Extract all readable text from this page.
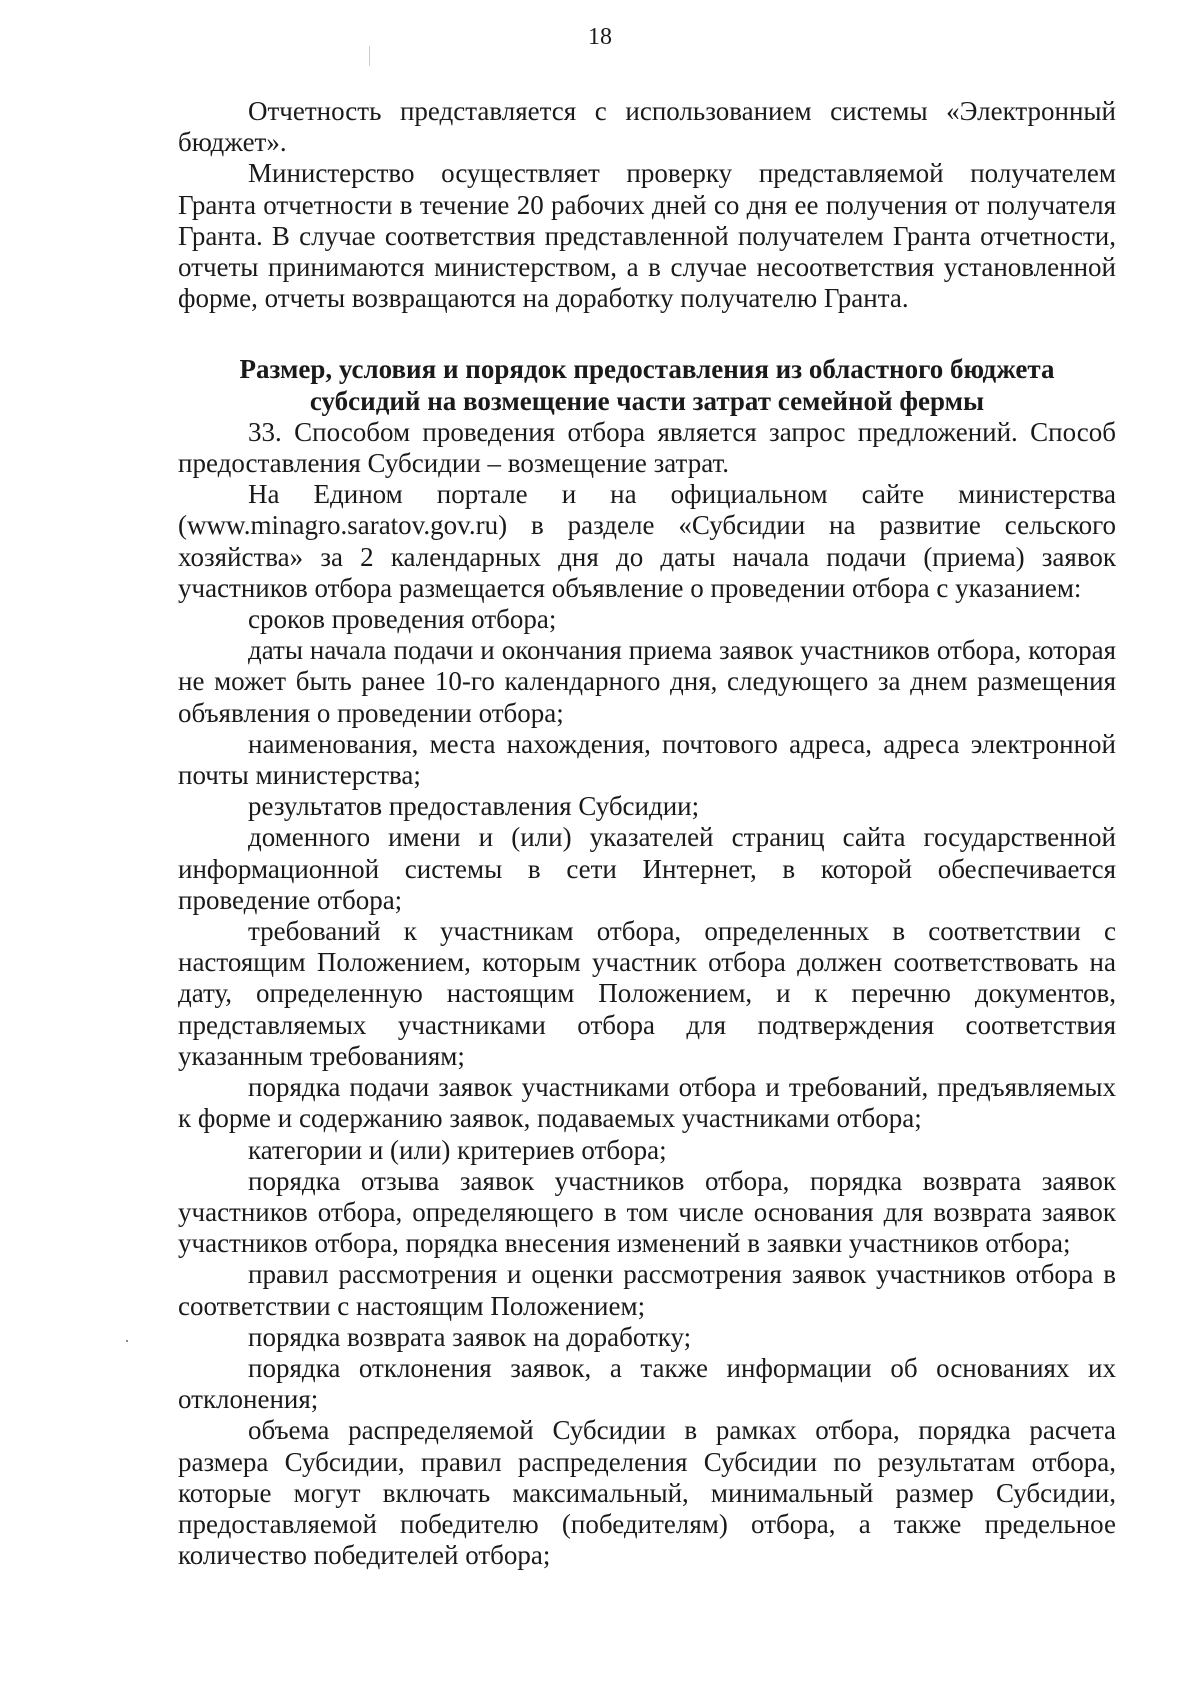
18

Отчетность представляется с использованием системы «Электронный бюджет».

Министерство осуществляет проверку представляемой получателем Гранта отчетности в течение 20 рабочих дней со дня ее получения от получателя Гранта. В случае соответствия представленной получателем Гранта отчетности, отчеты принимаются министерством, а в случае несоответствия установленной форме, отчеты возвращаются на доработку получателю Гранта.

Размер, условия и порядок предоставления из областного бюджета
субсидий на возмещение части затрат семейной фермы

33. Способом проведения отбора является запрос предложений. Способ предоставления Субсидии – возмещение затрат.

На Едином портале и на официальном сайте министерства (www.minagro.saratov.gov.ru) в разделе «Субсидии на развитие сельского хозяйства» за 2 календарных дня до даты начала подачи (приема) заявок участников отбора размещается объявление о проведении отбора с указанием:

сроков проведения отбора;

даты начала подачи и окончания приема заявок участников отбора, которая не может быть ранее 10-го календарного дня, следующего за днем размещения объявления о проведении отбора;

наименования, места нахождения, почтового адреса, адреса электронной почты министерства;

результатов предоставления Субсидии;

доменного имени и (или) указателей страниц сайта государственной информационной системы в сети Интернет, в которой обеспечивается проведение отбора;

требований к участникам отбора, определенных в соответствии с настоящим Положением, которым участник отбора должен соответствовать на дату, определенную настоящим Положением, и к перечню документов, представляемых участниками отбора для подтверждения соответствия указанным требованиям;

порядка подачи заявок участниками отбора и требований, предъявляемых к форме и содержанию заявок, подаваемых участниками отбора;

категории и (или) критериев отбора;

порядка отзыва заявок участников отбора, порядка возврата заявок участников отбора, определяющего в том числе основания для возврата заявок участников отбора, порядка внесения изменений в заявки участников отбора;

правил рассмотрения и оценки рассмотрения заявок участников отбора в соответствии с настоящим Положением;

порядка возврата заявок на доработку;

порядка отклонения заявок, а также информации об основаниях их отклонения;

объема распределяемой Субсидии в рамках отбора, порядка расчета размера Субсидии, правил распределения Субсидии по результатам отбора, которые могут включать максимальный, минимальный размер Субсидии, предоставляемой победителю (победителям) отбора, а также предельное количество победителей отбора;
